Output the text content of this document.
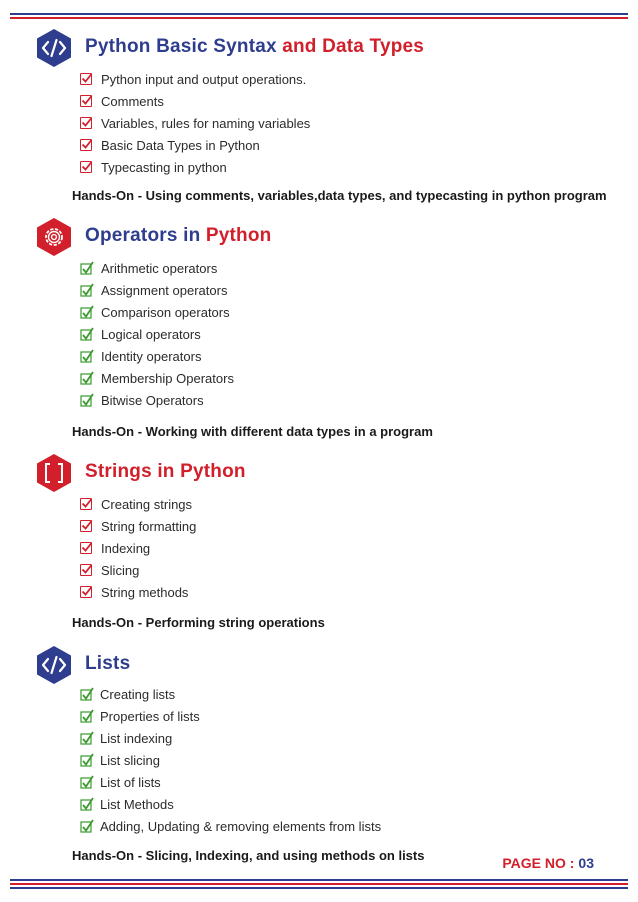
Python Basic Syntax and Data Types
Python input and output operations.
Comments
Variables, rules for naming variables
Basic Data Types in Python
Typecasting in python
Hands-On - Using comments, variables,data types, and typecasting in python program
Operators in Python
Arithmetic operators
Assignment operators
Comparison operators
Logical operators
Identity operators
Membership Operators
Bitwise Operators
Hands-On - Working with different data types in a program
Strings in Python
Creating strings
String formatting
Indexing
Slicing
String methods
Hands-On - Performing string operations
Lists
Creating lists
Properties of lists
List indexing
List slicing
List of lists
List Methods
Adding, Updating & removing elements from lists
Hands-On - Slicing, Indexing, and using methods on lists	PAGE NO : 03
